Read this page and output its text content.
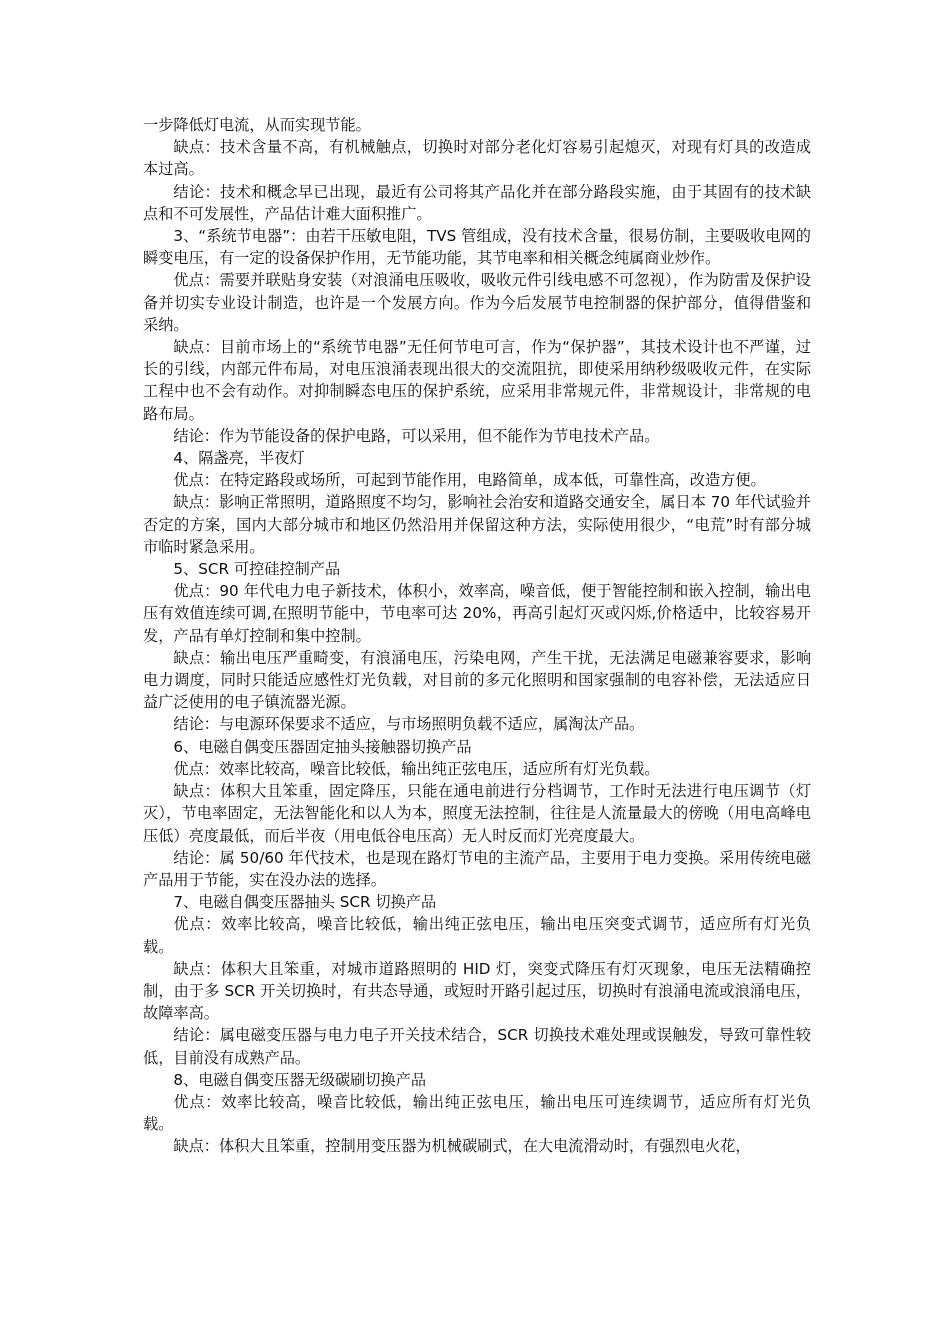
一步降低灯电流，从而实现节能。

缺点：技术含量不高，有机械触点，切换时对部分老化灯容易引起熄灭，对现有灯具的改造成本过高。

结论：技术和概念早已出现，最近有公司将其产品化并在部分路段实施，由于其固有的技术缺点和不可发展性，产品估计难大面积推广。

3、“系统节电器”：由若干压敏电阻，TVS 管组成，没有技术含量，很易仿制，主要吸收电网的瞬变电压，有一定的设备保护作用，无节能功能，其节电率和相关概念纯属商业炒作。

优点：需要并联贴身安装（对浪涌电压吸收，吸收元件引线电感不可忽视），作为防雷及保护设备并切实专业设计制造，也许是一个发展方向。作为今后发展节电控制器的保护部分，值得借鉴和采纳。

缺点：目前市场上的“系统节电器”无任何节电可言，作为“保护器”，其技术设计也不严谨，过长的引线，内部元件布局，对电压浪涌表现出很大的交流阻抗，即使采用纳秒级吸收元件，在实际工程中也不会有动作。对抑制瞬态电压的保护系统，应采用非常规元件，非常规设计，非常规的电路布局。

结论：作为节能设备的保护电路，可以采用，但不能作为节电技术产品。

4、隔盏亮，半夜灯

优点：在特定路段或场所，可起到节能作用，电路简单，成本低，可靠性高，改造方便。

缺点：影响正常照明，道路照度不均匀，影响社会治安和道路交通安全，属日本 70 年代试验并否定的方案，国内大部分城市和地区仍然沿用并保留这种方法，实际使用很少，“电荒”时有部分城市临时紧急采用。

5、SCR 可控硅控制产品

优点：90 年代电力电子新技术，体积小，效率高，噪音低，便于智能控制和嵌入控制，输出电压有效值连续可调,在照明节能中，节电率可达 20%，再高引起灯灭或闪烁,价格适中，比较容易开发，产品有单灯控制和集中控制。

缺点：输出电压严重畸变，有浪涌电压，污染电网，产生干扰，无法满足电磁兼容要求，影响电力调度，同时只能适应感性灯光负载，对目前的多元化照明和国家强制的电容补偿，无法适应日益广泛使用的电子镇流器光源。

结论：与电源环保要求不适应，与市场照明负载不适应，属淘汰产品。

6、电磁自偶变压器固定抽头接触器切换产品

优点：效率比较高，噪音比较低，输出纯正弦电压，适应所有灯光负载。

缺点：体积大且笨重，固定降压，只能在通电前进行分档调节，工作时无法进行电压调节（灯灭），节电率固定，无法智能化和以人为本，照度无法控制，往往是人流量最大的傍晚（用电高峰电压低）亮度最低，而后半夜（用电低谷电压高）无人时反而灯光亮度最大。

结论：属 50/60 年代技术，也是现在路灯节电的主流产品，主要用于电力变换。采用传统电磁产品用于节能，实在没办法的选择。

7、电磁自偶变压器抽头 SCR 切换产品

优点：效率比较高，噪音比较低，输出纯正弦电压，输出电压突变式调节，适应所有灯光负载。

缺点：体积大且笨重，对城市道路照明的 HID 灯，突变式降压有灯灭现象，电压无法精确控制，由于多 SCR 开关切换时，有共态导通，或短时开路引起过压，切换时有浪涌电流或浪涌电压，故障率高。

结论：属电磁变压器与电力电子开关技术结合，SCR 切换技术难处理或误触发，导致可靠性较低，目前没有成熟产品。

8、电磁自偶变压器无级碳刷切换产品

优点：效率比较高，噪音比较低，输出纯正弦电压，输出电压可连续调节，适应所有灯光负载。

缺点：体积大且笨重，控制用变压器为机械碳刷式，在大电流滑动时，有强烈电火花，
